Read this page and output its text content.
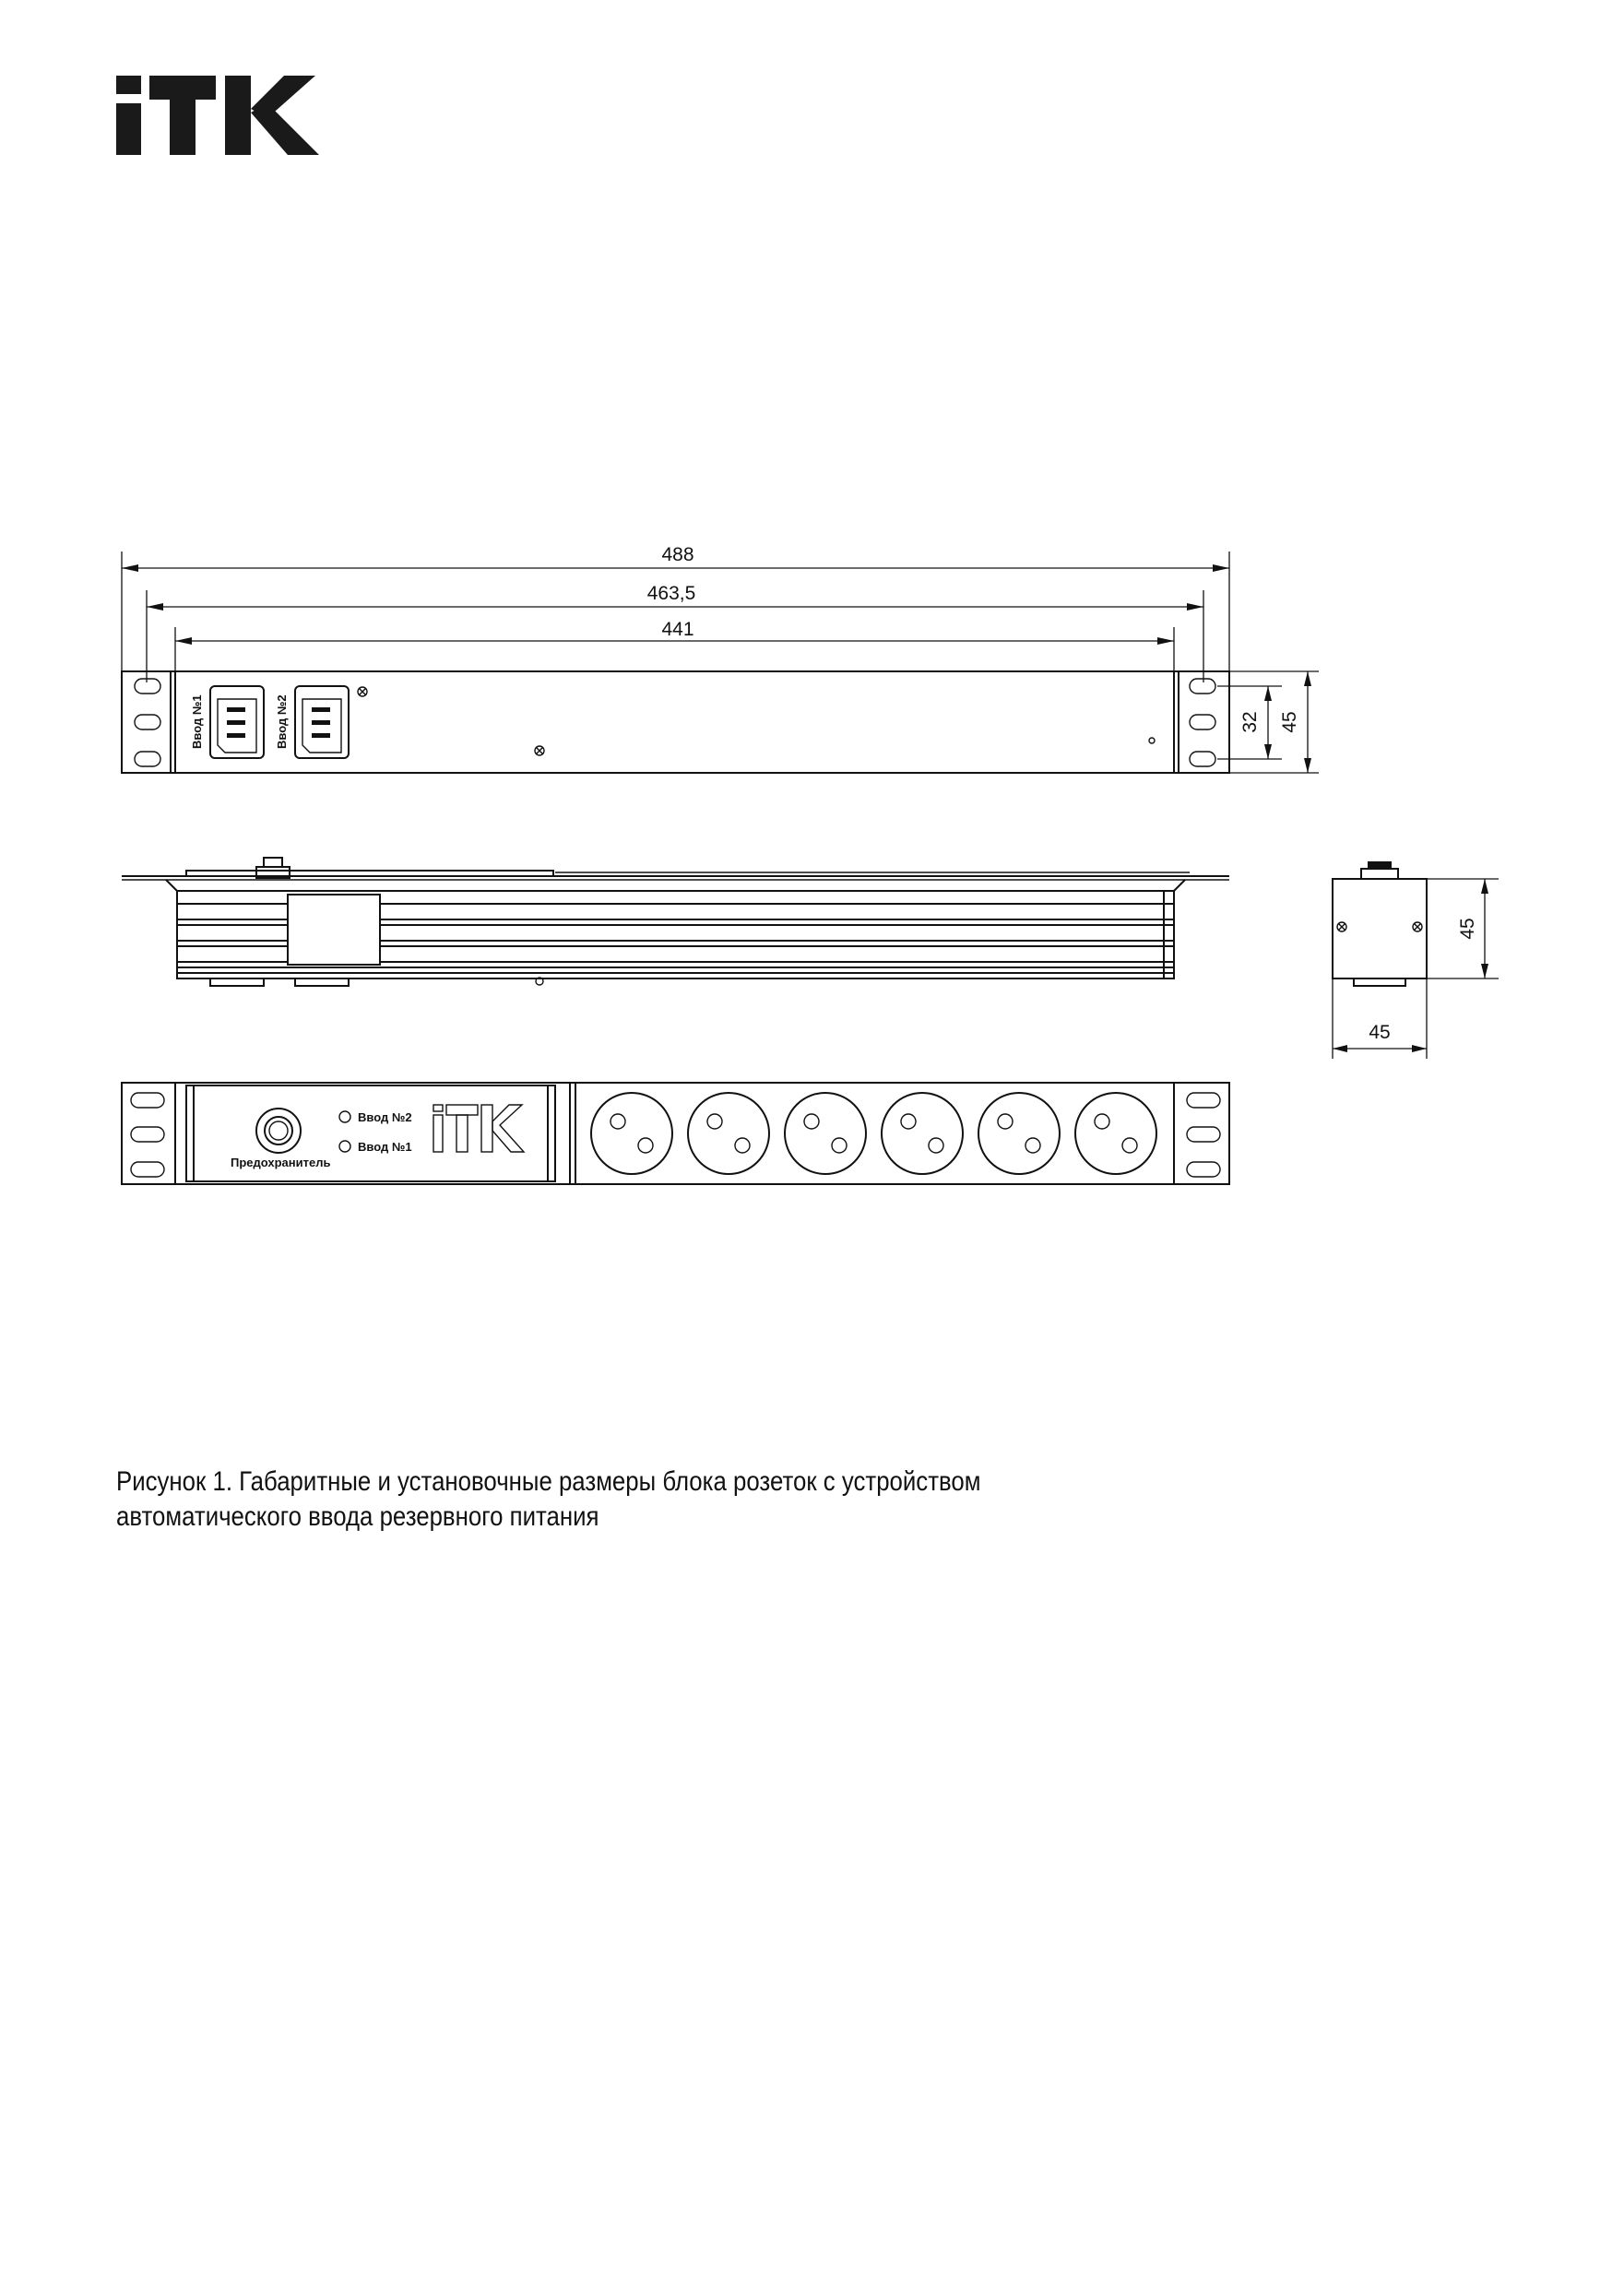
488
463,5
441
Ввод №1	Ввод №2	32 45
45
45
Ввод №2
Ввод №1
Предохранитель
Рисунок 1. Габаритные и установочные размеры блока розеток с устройством
автоматического ввода резервного питания
